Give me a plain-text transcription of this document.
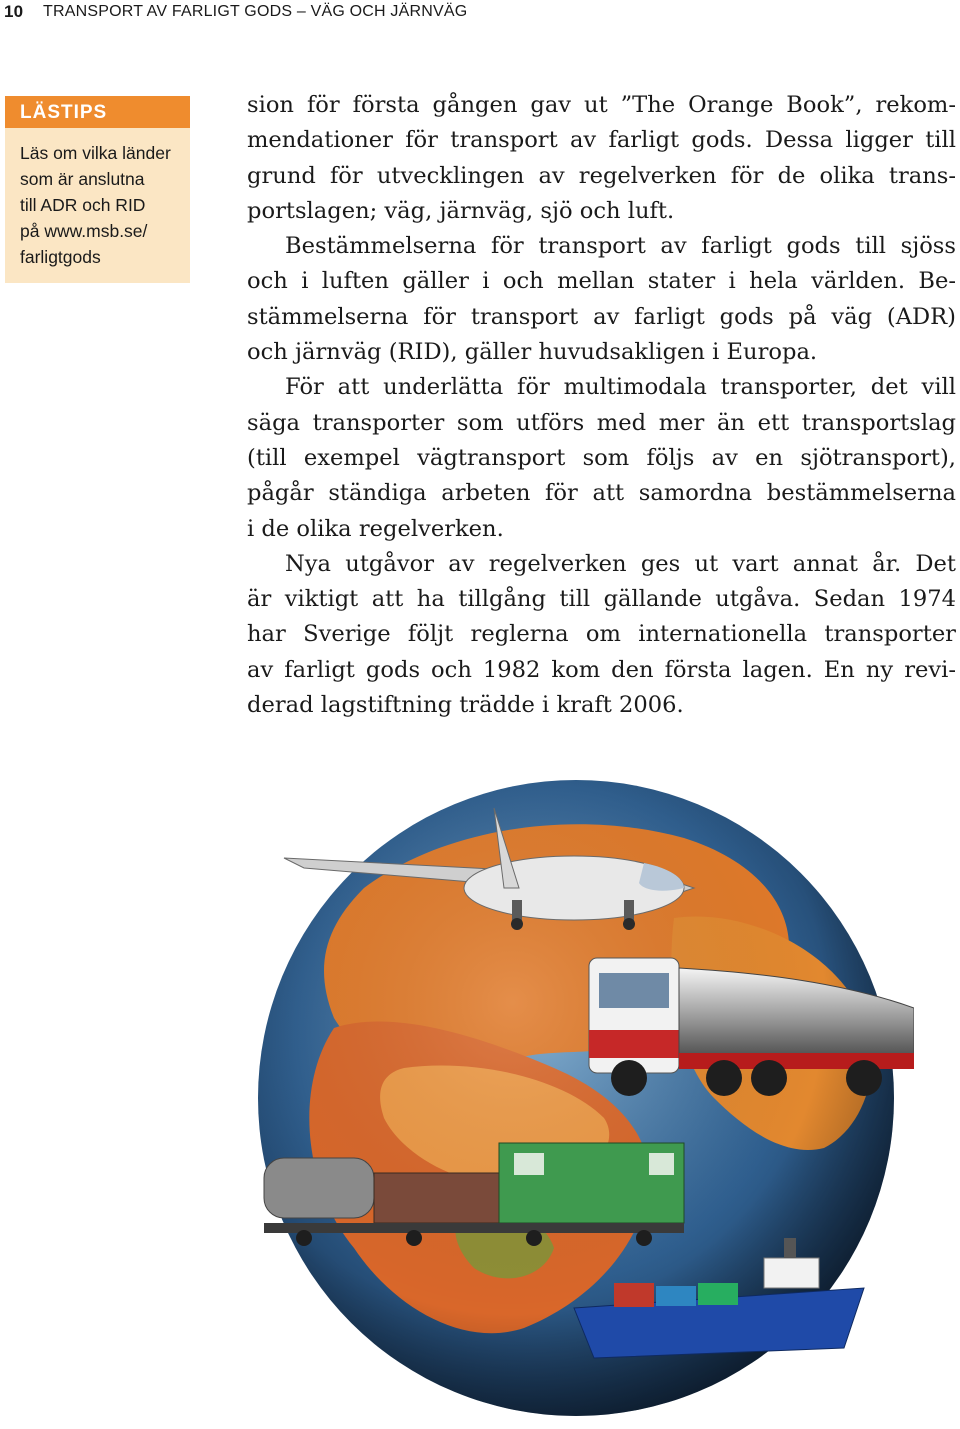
10 TRANSPORT AV FARLIGT GODS – VÄG OCH JÄRNVÄG
LÄSTIPS
Läs om vilka länder
som är anslutna
till ADR och RID
på www.msb.se/
farligtgods

sion för första gången gav ut ”The Orange Book”, rekom-
mendationer för transport av farligt gods. Dessa ligger till
grund för utvecklingen av regelverken för de olika trans-
portslagen; väg, järnväg, sjö och luft.

Bestämmelserna för transport av farligt gods till sjöss
och i luften gäller i och mellan stater i hela världen. Be-
stämmelserna för transport av farligt gods på väg (ADR)
och järnväg (RID), gäller huvudsakligen i Europa.

För att underlätta för multimodala transporter, det vill
säga transporter som utförs med mer än ett transportslag
(till exempel vägtransport som följs av en sjötransport),
pågår ständiga arbeten för att samordna bestämmelserna
i de olika regelverken.

Nya utgåvor av regelverken ges ut vart annat år. Det
är viktigt att ha tillgång till gällande utgåva. Sedan 1974
har Sverige följt reglerna om internationella transporter
av farligt gods och 1982 kom den första lagen. En ny revi-
derad lagstiftning trädde i kraft 2006.
